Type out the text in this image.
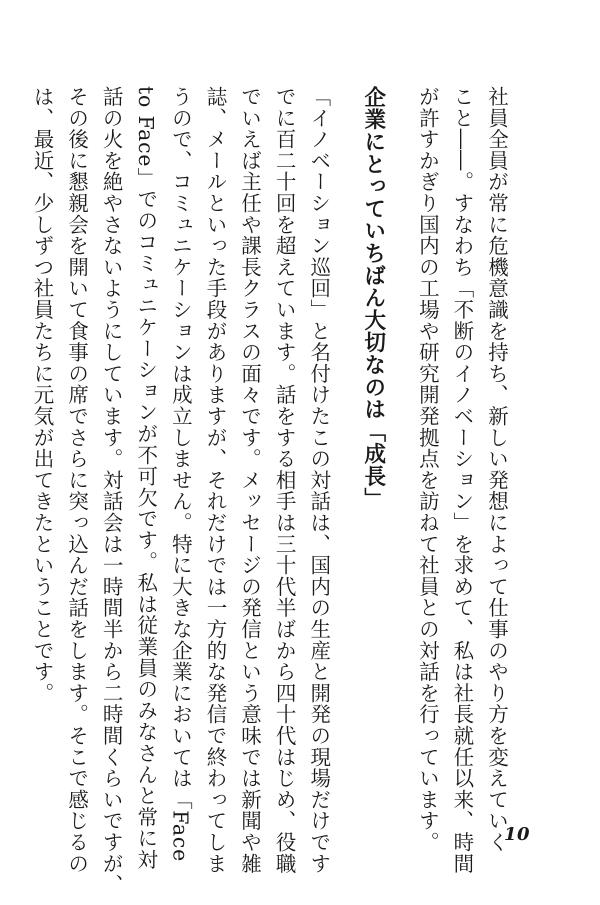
社員全員が常に危機意識を持ち、新しい発想によって仕事のやり方を変えていく
こと――。すなわち「不断のイノベーション」を求めて、私は社長就任以来、時間
が許すかぎり国内の工場や研究開発拠点を訪ねて社員との対話を行っています。
企業にとっていちばん大切なのは「成長」
「イノベーション巡回」と名付けたこの対話は、国内の生産と開発の現場だけです
でに百二十回を超えています。話をする相手は三十代半ばから四十代はじめ、役職
でいえば主任や課長クラスの面々です。メッセージの発信という意味では新聞や雑
誌、メールといった手段がありますが、それだけでは一方的な発信で終わってしま
うので、コミュニケーションは成立しません。特に大きな企業においては「Face
to Face」でのコミュニケーションが不可欠です。私は従業員のみなさんと常に対
話の火を絶やさないようにしています。対話会は一時間半から二時間くらいですが、
その後に懇親会を開いて食事の席でさらに突っ込んだ話をします。そこで感じるの
は、最近、少しずつ社員たちに元気が出てきたということです。
10
